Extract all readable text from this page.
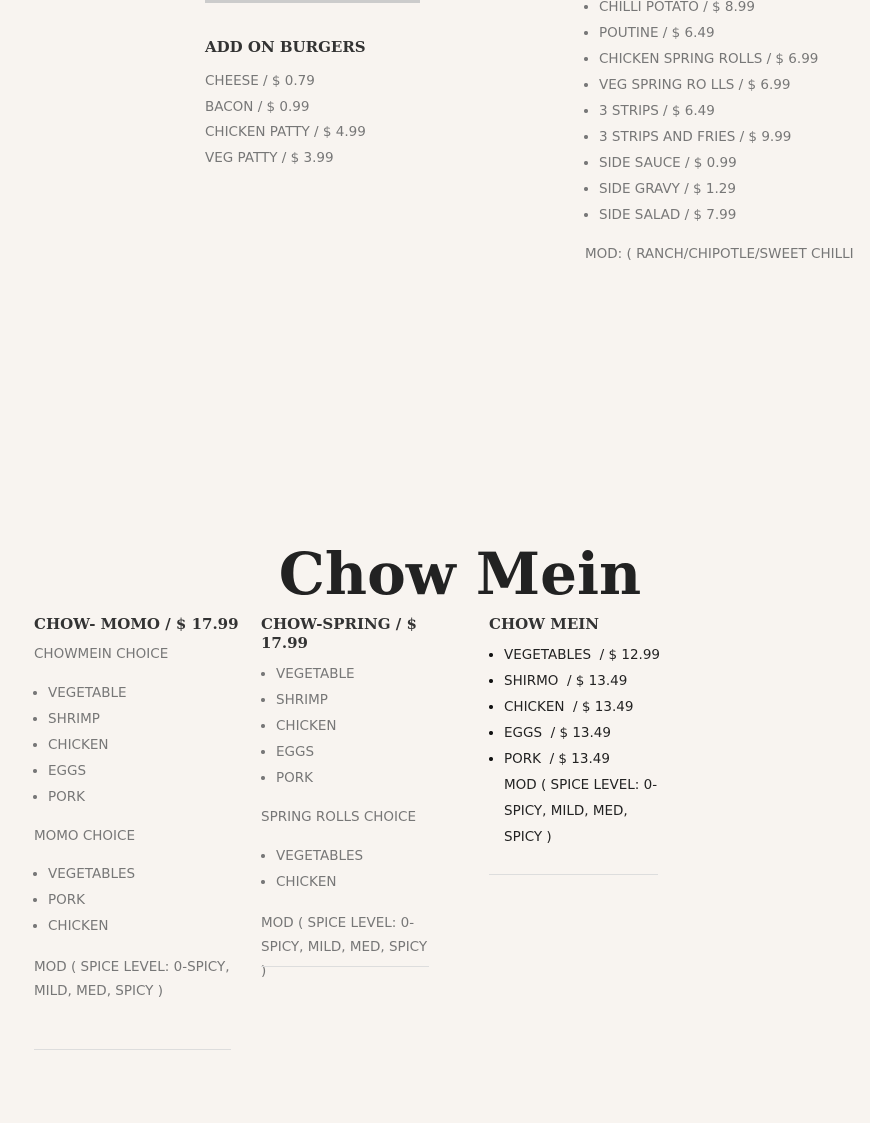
ADD ON BURGERS

CHEESE / $ 0.79

BACON / $ 0.99

CHICKEN PATTY / $ 4.99

VEG PATTY / $ 3.99

• CHILLI POTATO / $ 8.99
• POUTINE / $ 6.49
• CHICKEN SPRING ROLLS / $ 6.99
• VEG SPRING RO LLS / $ 6.99
• 3 STRIPS / $ 6.49
• 3 STRIPS AND FRIES / $ 9.99
• SIDE SAUCE / $ 0.99
• SIDE GRAVY / $ 1.29
• SIDE SALAD / $ 7.99
MOD: ( RANCH/CHIPOTLE/SWEET CHILLI
Chow Mein
CHOW- MOMO / $ 17.99
CHOWMEIN CHOICE
• VEGETABLE
• SHRIMP
• CHICKEN
• EGGS
• PORK
MOMO CHOICE
• VEGETABLES
• PORK
• CHICKEN
MOD ( SPICE LEVEL: 0-SPICY, MILD, MED, SPICY )
CHOW-SPRING / $ 17.99
• VEGETABLE
• SHRIMP
• CHICKEN
• EGGS
• PORK
SPRING ROLLS CHOICE
• VEGETABLES
• CHICKEN
MOD ( SPICE LEVEL: 0-SPICY, MILD, MED, SPICY )
CHOW MEIN
• VEGETABLES  / $ 12.99
• SHIRMO  / $ 13.49
• CHICKEN  / $ 13.49
• EGGS  / $ 13.49
• PORK  / $ 13.49
MOD ( SPICE LEVEL: 0-SPICY, MILD, MED, SPICY )
